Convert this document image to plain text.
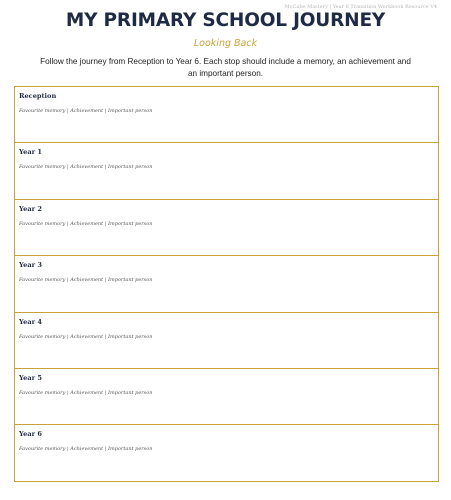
McCabe Mastery | Year 6 Transition Workbook Resource V4
MY PRIMARY SCHOOL JOURNEY
Looking Back

Follow the journey from Reception to Year 6. Each stop should include a memory, an achievement and an important person.

Reception
Favourite memory | Achievement | Important person
Year 1
Favourite memory | Achievement | Important person
Year 2
Favourite memory | Achievement | Important person
Year 3
Favourite memory | Achievement | Important person
Year 4
Favourite memory | Achievement | Important person
Year 5
Favourite memory | Achievement | Important person
Year 6
Favourite memory | Achievement | Important person
